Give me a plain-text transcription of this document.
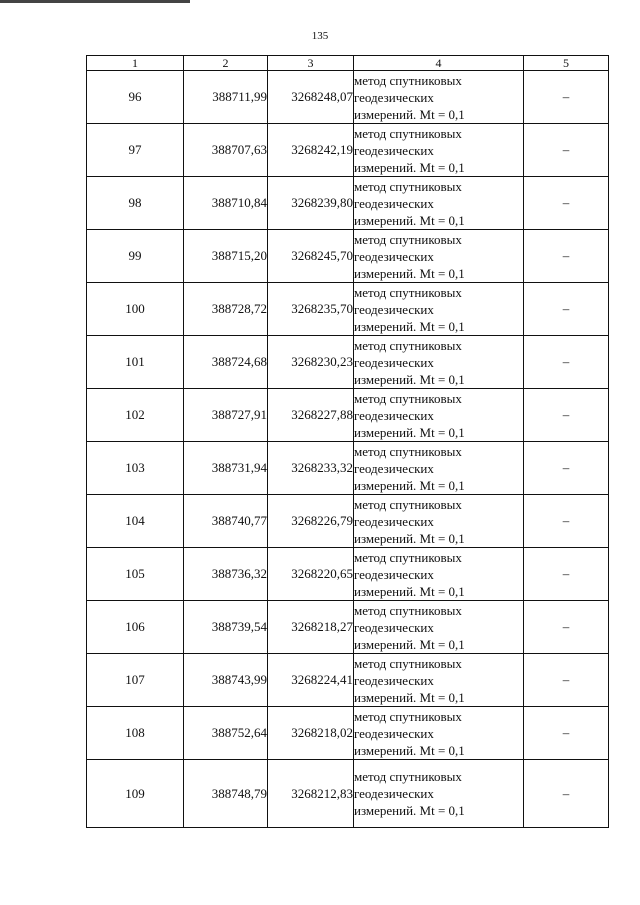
135
1	2	3	4	5
96	388711,99	3268248,07	метод спутниковых
геодезических
измерений. Mt = 0,1	–
97	388707,63	3268242,19	метод спутниковых
геодезических
измерений. Mt = 0,1	–
98	388710,84	3268239,80	метод спутниковых
геодезических
измерений. Mt = 0,1	–
99	388715,20	3268245,70	метод спутниковых
геодезических
измерений. Mt = 0,1	–
100	388728,72	3268235,70	метод спутниковых
геодезических
измерений. Mt = 0,1	–
101	388724,68	3268230,23	метод спутниковых
геодезических
измерений. Mt = 0,1	–
102	388727,91	3268227,88	метод спутниковых
геодезических
измерений. Mt = 0,1	–
103	388731,94	3268233,32	метод спутниковых
геодезических
измерений. Mt = 0,1	–
104	388740,77	3268226,79	метод спутниковых
геодезических
измерений. Mt = 0,1	–
105	388736,32	3268220,65	метод спутниковых
геодезических
измерений. Mt = 0,1	–
106	388739,54	3268218,27	метод спутниковых
геодезических
измерений. Mt = 0,1	–
107	388743,99	3268224,41	метод спутниковых
геодезических
измерений. Mt = 0,1	–
108	388752,64	3268218,02	метод спутниковых
геодезических
измерений. Mt = 0,1	–
109	388748,79	3268212,83	метод спутниковых
геодезических
измерений. Mt = 0,1	–
